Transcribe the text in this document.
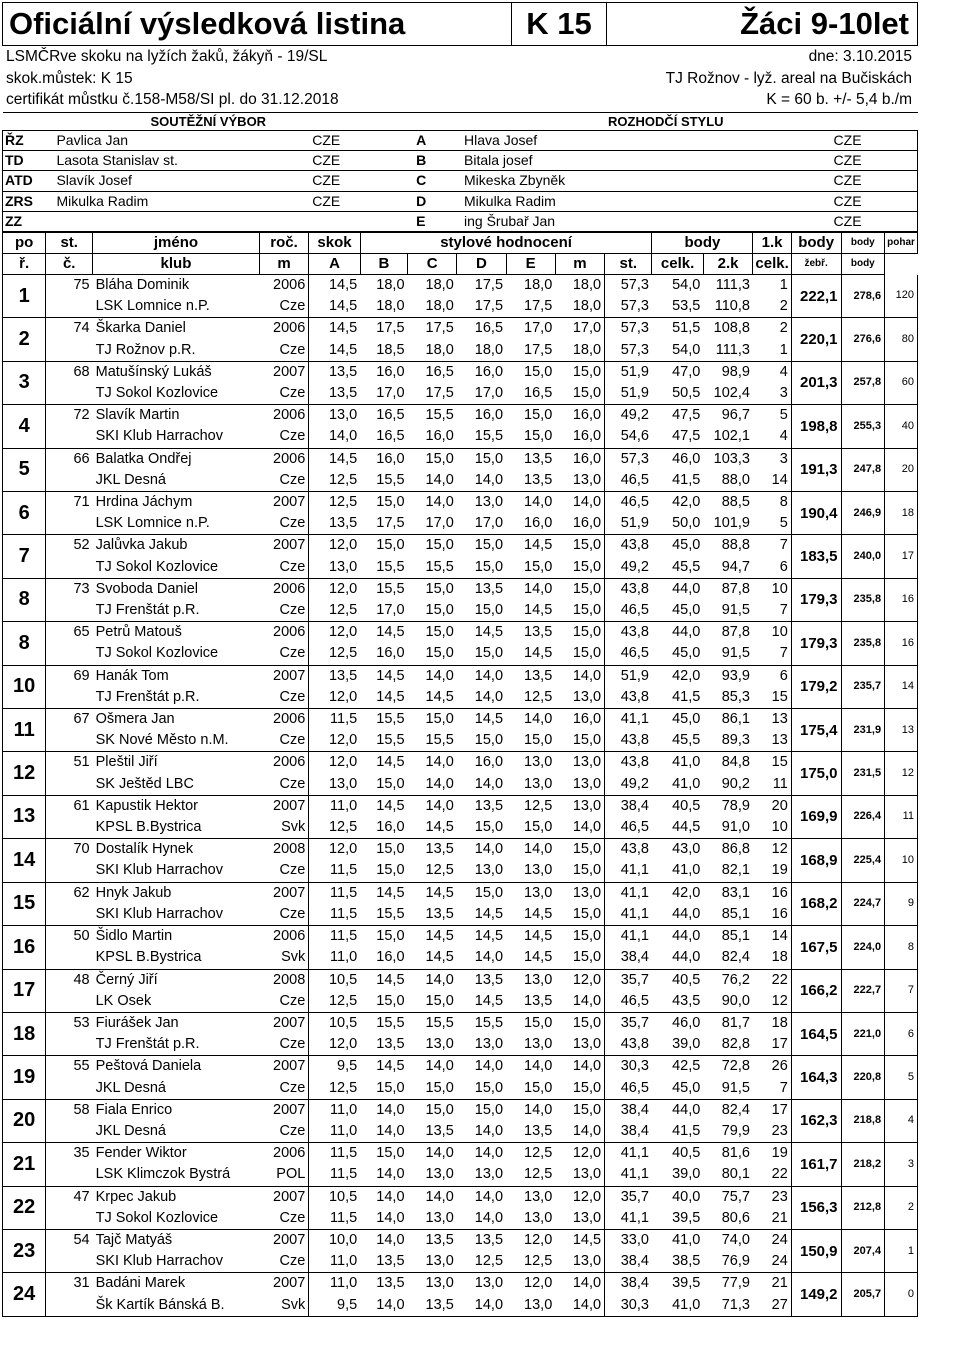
Oficiální výsledková listina	K 15	Žáci 9-10let
LSMČRve skoku na lyžích žaků, žákyň - 19/SL	dne: 3.10.2015
skok.můstek: K 15	TJ Rožnov - lyž. areal na Bučiskách
certifikát můstku č.158-M58/SI pl. do 31.12.2018	K = 60 b. +/- 5,4 b./m
SOUTĚŽNÍ VÝBOR			ROZHODČÍ STYLU		
ŘZ	Pavlica Jan	CZE	A	Hlava Josef	CZE
TD	Lasota Stanislav st.	CZE	B	Bitala josef	CZE
ATD	Slavík Josef	CZE	C	Mikeska Zbyněk	CZE
ZRS	Mikulka Radim	CZE	D	Mikulka Radim	CZE
ZZ			E	ing Šrubař Jan	CZE
po	st.	jméno	roč.	skok	stylové hodnocení						body		1.k	body	body	pohar
ř.	č.	klub	m	A	B	C	D	E	m	st.	celk.	2.k	celk.	žebř.	body	
1	75	Bláha Dominik	2006	14,5	18,0	18,0	17,5	18,0	18,0	57,3	54,0	111,3	1	222,1	278,6	120
		LSK Lomnice n.P.	Cze	14,5	18,0	18,0	17,5	17,5	18,0	57,3	53,5	110,8	2			
2	74	Škarka Daniel	2006	14,5	17,5	17,5	16,5	17,0	17,0	57,3	51,5	108,8	2	220,1	276,6	80
		TJ Rožnov p.R.	Cze	14,5	18,5	18,0	18,0	17,5	18,0	57,3	54,0	111,3	1			
3	68	Matušínský Lukáš	2007	13,5	16,0	16,5	16,0	15,0	15,0	51,9	47,0	98,9	4	201,3	257,8	60
		TJ Sokol Kozlovice	Cze	13,5	17,0	17,5	17,0	16,5	15,0	51,9	50,5	102,4	3			
4	72	Slavík Martin	2006	13,0	16,5	15,5	16,0	15,0	16,0	49,2	47,5	96,7	5	198,8	255,3	40
		SKI Klub Harrachov	Cze	14,0	16,5	16,0	15,5	15,0	16,0	54,6	47,5	102,1	4			
5	66	Balatka Ondřej	2006	14,5	16,0	15,0	15,0	13,5	16,0	57,3	46,0	103,3	3	191,3	247,8	20
		JKL Desná	Cze	12,5	15,5	14,0	14,0	13,5	13,0	46,5	41,5	88,0	14			
6	71	Hrdina Jáchym	2007	12,5	15,0	14,0	13,0	14,0	14,0	46,5	42,0	88,5	8	190,4	246,9	18
		LSK Lomnice n.P.	Cze	13,5	17,5	17,0	17,0	16,0	16,0	51,9	50,0	101,9	5			
7	52	Jalůvka Jakub	2007	12,0	15,0	15,0	15,0	14,5	15,0	43,8	45,0	88,8	7	183,5	240,0	17
		TJ Sokol Kozlovice	Cze	13,0	15,5	15,5	15,0	15,0	15,0	49,2	45,5	94,7	6			
8	73	Svoboda Daniel	2006	12,0	15,5	15,0	13,5	14,0	15,0	43,8	44,0	87,8	10	179,3	235,8	16
		TJ Frenštát p.R.	Cze	12,5	17,0	15,0	15,0	14,5	15,0	46,5	45,0	91,5	7			
8	65	Petrů Matouš	2006	12,0	14,5	15,0	14,5	13,5	15,0	43,8	44,0	87,8	10	179,3	235,8	16
		TJ Sokol Kozlovice	Cze	12,5	16,0	15,0	15,0	14,5	15,0	46,5	45,0	91,5	7			
10	69	Hanák Tom	2007	13,5	14,5	14,0	14,0	13,5	14,0	51,9	42,0	93,9	6	179,2	235,7	14
		TJ Frenštát p.R.	Cze	12,0	14,5	14,5	14,0	12,5	13,0	43,8	41,5	85,3	15			
11	67	Ošmera Jan	2006	11,5	15,5	15,0	14,5	14,0	16,0	41,1	45,0	86,1	13	175,4	231,9	13
		SK Nové Město n.M.	Cze	12,0	15,5	15,5	15,0	15,0	15,0	43,8	45,5	89,3	13			
12	51	Pleštil Jiří	2006	12,0	14,5	14,0	16,0	13,0	13,0	43,8	41,0	84,8	15	175,0	231,5	12
		SK Ještěd LBC	Cze	13,0	15,0	14,0	14,0	13,0	13,0	49,2	41,0	90,2	11			
13	61	Kapustik Hektor	2007	11,0	14,5	14,0	13,5	12,5	13,0	38,4	40,5	78,9	20	169,9	226,4	11
		KPSL B.Bystrica	Svk	12,5	16,0	14,5	15,0	15,0	14,0	46,5	44,5	91,0	10			
14	70	Dostalík Hynek	2008	12,0	15,0	13,5	14,0	14,0	15,0	43,8	43,0	86,8	12	168,9	225,4	10
		SKI Klub Harrachov	Cze	11,5	15,0	12,5	13,0	13,0	15,0	41,1	41,0	82,1	19			
15	62	Hnyk Jakub	2007	11,5	14,5	14,5	15,0	13,0	13,0	41,1	42,0	83,1	16	168,2	224,7	9
		SKI Klub Harrachov	Cze	11,5	15,5	13,5	14,5	14,5	15,0	41,1	44,0	85,1	16			
16	50	Šidlo Martin	2006	11,5	15,0	14,5	14,5	14,5	15,0	41,1	44,0	85,1	14	167,5	224,0	8
		KPSL B.Bystrica	Svk	11,0	16,0	14,5	14,0	14,5	15,0	38,4	44,0	82,4	18			
17	48	Černý Jiří	2008	10,5	14,5	14,0	13,5	13,0	12,0	35,7	40,5	76,2	22	166,2	222,7	7
		LK Osek	Cze	12,5	15,0	15,0	14,5	13,5	14,0	46,5	43,5	90,0	12			
18	53	Fiurášek Jan	2007	10,5	15,5	15,5	15,5	15,0	15,0	35,7	46,0	81,7	18	164,5	221,0	6
		TJ Frenštát p.R.	Cze	12,0	13,5	13,0	13,0	13,0	13,0	43,8	39,0	82,8	17			
19	55	Peštová Daniela	2007	9,5	14,5	14,0	14,0	14,0	14,0	30,3	42,5	72,8	26	164,3	220,8	5
		JKL Desná	Cze	12,5	15,0	15,0	15,0	15,0	15,0	46,5	45,0	91,5	7			
20	58	Fiala Enrico	2007	11,0	14,0	15,0	15,0	14,0	15,0	38,4	44,0	82,4	17	162,3	218,8	4
		JKL Desná	Cze	11,0	14,0	13,5	14,0	13,5	14,0	38,4	41,5	79,9	23			
21	35	Fender Wiktor	2006	11,5	15,0	14,0	14,0	12,5	12,0	41,1	40,5	81,6	19	161,7	218,2	3
		LSK Klimczok Bystrá	POL	11,5	14,0	13,0	13,0	12,5	13,0	41,1	39,0	80,1	22			
22	47	Krpec Jakub	2007	10,5	14,0	14,0	14,0	13,0	12,0	35,7	40,0	75,7	23	156,3	212,8	2
		TJ Sokol Kozlovice	Cze	11,5	14,0	13,0	14,0	13,0	13,0	41,1	39,5	80,6	21			
23	54	Tajč Matyáš	2007	10,0	14,0	13,5	13,5	12,0	14,5	33,0	41,0	74,0	24	150,9	207,4	1
		SKI Klub Harrachov	Cze	11,0	13,5	13,0	12,5	12,5	13,0	38,4	38,5	76,9	24			
24	31	Badáni Marek	2007	11,0	13,5	13,0	13,0	12,0	14,0	38,4	39,5	77,9	21	149,2	205,7	0
		Šk Kartík Bánská B.	Svk	9,5	14,0	13,5	14,0	13,0	14,0	30,3	41,0	71,3	27			
